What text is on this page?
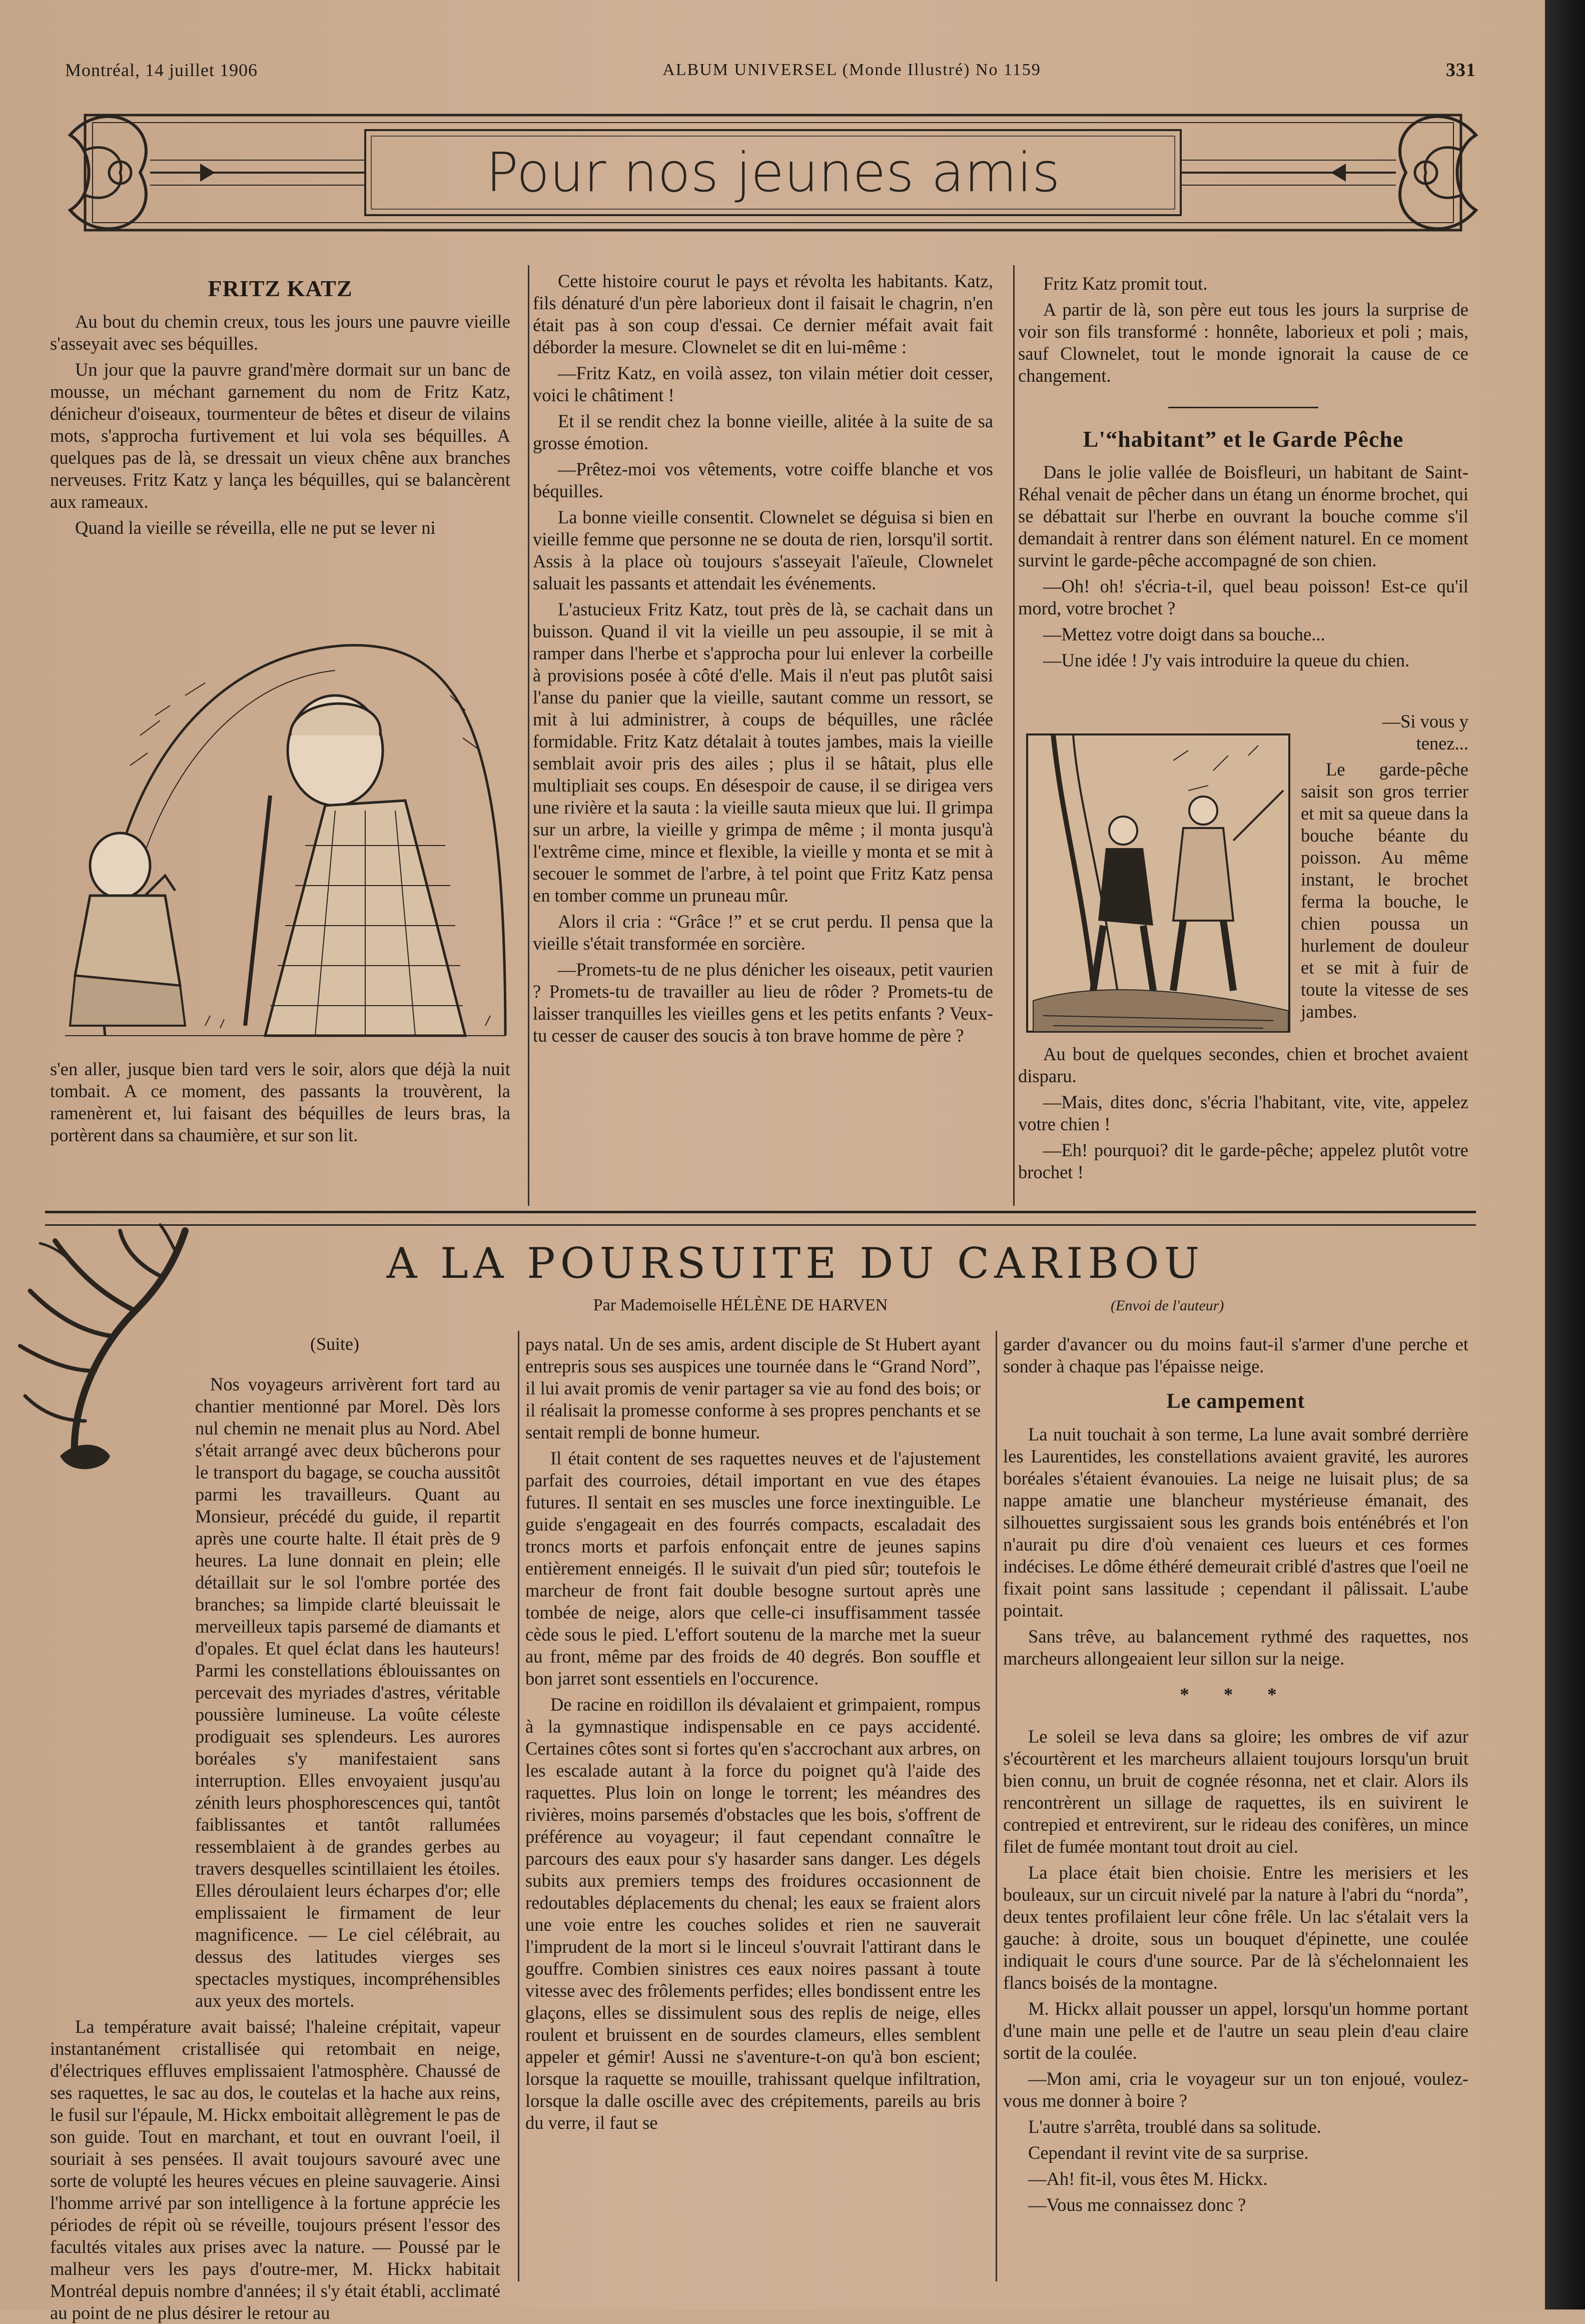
Montréal, 14 juillet 1906	ALBUM UNIVERSEL (Monde Illustré) No 1159	331
Pour nos jeunes amis
FRITZ KATZ

Au bout du chemin creux, tous les jours une pauvre vieille s'asseyait avec ses béquilles.

Un jour que la pauvre grand'mère dormait sur un banc de mousse, un méchant garnement du nom de Fritz Katz, dénicheur d'oiseaux, tourmenteur de bêtes et diseur de vilains mots, s'approcha furtivement et lui vola ses béquilles. A quelques pas de là, se dressait un vieux chêne aux branches nerveuses. Fritz Katz y lança les béquilles, qui se balancèrent aux rameaux.

Quand la vieille se réveilla, elle ne put se lever ni

s'en aller, jusque bien tard vers le soir, alors que déjà la nuit tombait. A ce moment, des passants la trouvèrent, la ramenèrent et, lui faisant des béquilles de leurs bras, la portèrent dans sa chaumière, et sur son lit.

Cette histoire courut le pays et révolta les habitants. Katz, fils dénaturé d'un père laborieux dont il faisait le chagrin, n'en était pas à son coup d'essai. Ce dernier méfait avait fait déborder la mesure. Clownelet se dit en lui-même :

—Fritz Katz, en voilà assez, ton vilain métier doit cesser, voici le châtiment !

Et il se rendit chez la bonne vieille, alitée à la suite de sa grosse émotion.

—Prêtez-moi vos vêtements, votre coiffe blanche et vos béquilles.

La bonne vieille consentit. Clownelet se déguisa si bien en vieille femme que personne ne se douta de rien, lorsqu'il sortit. Assis à la place où toujours s'asseyait l'aïeule, Clownelet saluait les passants et attendait les événements.

L'astucieux Fritz Katz, tout près de là, se cachait dans un buisson. Quand il vit la vieille un peu assoupie, il se mit à ramper dans l'herbe et s'approcha pour lui enlever la corbeille à provisions posée à côté d'elle. Mais il n'eut pas plutôt saisi l'anse du panier que la vieille, sautant comme un ressort, se mit à lui administrer, à coups de béquilles, une râclée formidable. Fritz Katz détalait à toutes jambes, mais la vieille semblait avoir pris des ailes ; plus il se hâtait, plus elle multipliait ses coups. En désespoir de cause, il se dirigea vers une rivière et la sauta : la vieille sauta mieux que lui. Il grimpa sur un arbre, la vieille y grimpa de même ; il monta jusqu'à l'extrême cime, mince et flexible, la vieille y monta et se mit à secouer le sommet de l'arbre, à tel point que Fritz Katz pensa en tomber comme un pruneau mûr.

Alors il cria : “Grâce !” et se crut perdu. Il pensa que la vieille s'était transformée en sorcière.

—Promets-tu de ne plus dénicher les oiseaux, petit vaurien ? Promets-tu de travailler au lieu de rôder ? Promets-tu de laisser tranquilles les vieilles gens et les petits enfants ? Veux-tu cesser de causer des soucis à ton brave homme de père ?

Fritz Katz promit tout.

A partir de là, son père eut tous les jours la surprise de voir son fils transformé : honnête, laborieux et poli ; mais, sauf Clownelet, tout le monde ignorait la cause de ce changement.

L'“habitant” et le Garde Pêche

Dans le jolie vallée de Boisfleuri, un habitant de Saint-Réhal venait de pêcher dans un étang un énorme brochet, qui se débattait sur l'herbe en ouvrant la bouche comme s'il demandait à rentrer dans son élément naturel. En ce moment survint le garde-pêche accompagné de son chien.

—Oh! oh! s'écria-t-il, quel beau poisson! Est-ce qu'il mord, votre brochet ?

—Mettez votre doigt dans sa bouche...

—Une idée ! J'y vais introduire la queue du chien.

—Si vous y tenez...

Le garde-pêche saisit son gros terrier et mit sa queue dans la bouche béante du poisson. Au même instant, le brochet ferma la bouche, le chien poussa un hurlement de douleur et se mit à fuir de toute la vitesse de ses jambes.

Au bout de quelques secondes, chien et brochet avaient disparu.

—Mais, dites donc, s'écria l'habitant, vite, vite, appelez votre chien !

—Eh! pourquoi? dit le garde-pêche; appelez plutôt votre brochet !

A LA POURSUITE DU CARIBOU
Par Mademoiselle HÉLÈNE DE HARVEN	(Envoi de l'auteur)
(Suite)

Nos voyageurs arrivèrent fort tard au chantier mentionné par Morel. Dès lors nul chemin ne menait plus au Nord. Abel s'était arrangé avec deux bûcherons pour le transport du bagage, se coucha aussitôt parmi les travailleurs. Quant au Monsieur, précédé du guide, il repartit après une courte halte. Il était près de 9 heures. La lune donnait en plein; elle détaillait sur le sol l'ombre portée des branches; sa limpide clarté bleuissait le merveilleux tapis parsemé de diamants et d'opales. Et quel éclat dans les hauteurs! Parmi les constellations éblouissantes on percevait des myriades d'astres, véritable poussière lumineuse. La voûte céleste prodiguait ses splendeurs. Les aurores boréales s'y manifestaient sans interruption. Elles envoyaient jusqu'au zénith leurs phosphorescences qui, tantôt faiblissantes et tantôt rallumées ressemblaient à de grandes gerbes au travers desquelles scintillaient les étoiles. Elles déroulaient leurs écharpes d'or; elle emplissaient le firmament de leur magnificence. — Le ciel célébrait, au dessus des latitudes vierges ses spectacles mystiques, incompréhensibles aux yeux des mortels.

La température avait baissé; l'haleine crépitait, vapeur instantanément cristallisée qui retombait en neige, d'électriques effluves emplissaient l'atmosphère. Chaussé de ses raquettes, le sac au dos, le coutelas et la hache aux reins, le fusil sur l'épaule, M. Hickx emboitait allègrement le pas de son guide. Tout en marchant, et tout en ouvrant l'oeil, il souriait à ses pensées. Il avait toujours savouré avec une sorte de volupté les heures vécues en pleine sauvagerie. Ainsi l'homme arrivé par son intelligence à la fortune apprécie les périodes de répit où se réveille, toujours présent l'essor des facultés vitales aux prises avec la nature. — Poussé par le malheur vers les pays d'outre-mer, M. Hickx habitait Montréal depuis nombre d'années; il s'y était établi, acclimaté au point de ne plus désirer le retour au

pays natal. Un de ses amis, ardent disciple de St Hubert ayant entrepris sous ses auspices une tournée dans le “Grand Nord”, il lui avait promis de venir partager sa vie au fond des bois; or il réalisait la promesse conforme à ses propres penchants et se sentait rempli de bonne humeur.

Il était content de ses raquettes neuves et de l'ajustement parfait des courroies, détail important en vue des étapes futures. Il sentait en ses muscles une force inextinguible. Le guide s'engageait en des fourrés compacts, escaladait des troncs morts et parfois enfonçait entre de jeunes sapins entièrement enneigés. Il le suivait d'un pied sûr; toutefois le marcheur de front fait double besogne surtout après une tombée de neige, alors que celle-ci insuffisamment tassée cède sous le pied. L'effort soutenu de la marche met la sueur au front, même par des froids de 40 degrés. Bon souffle et bon jarret sont essentiels en l'occurence.

De racine en roidillon ils dévalaient et grimpaient, rompus à la gymnastique indispensable en ce pays accidenté. Certaines côtes sont si fortes qu'en s'accrochant aux arbres, on les escalade autant à la force du poignet qu'à l'aide des raquettes. Plus loin on longe le torrent; les méandres des rivières, moins parsemés d'obstacles que les bois, s'offrent de préférence au voyageur; il faut cependant connaître le parcours des eaux pour s'y hasarder sans danger. Les dégels subits aux premiers temps des froidures occasionnent de redoutables déplacements du chenal; les eaux se fraient alors une voie entre les couches solides et rien ne sauverait l'imprudent de la mort si le linceul s'ouvrait l'attirant dans le gouffre. Combien sinistres ces eaux noires passant à toute vitesse avec des frôlements perfides; elles bondissent entre les glaçons, elles se dissimulent sous des replis de neige, elles roulent et bruissent en de sourdes clameurs, elles semblent appeler et gémir! Aussi ne s'aventure-t-on qu'à bon escient; lorsque la raquette se mouille, trahissant quelque infiltration, lorsque la dalle oscille avec des crépitements, pareils au bris du verre, il faut se

garder d'avancer ou du moins faut-il s'armer d'une perche et sonder à chaque pas l'épaisse neige.

Le campement

La nuit touchait à son terme, La lune avait sombré derrière les Laurentides, les constellations avaient gravité, les aurores boréales s'étaient évanouies. La neige ne luisait plus; de sa nappe amatie une blancheur mystérieuse émanait, des silhouettes surgissaient sous les grands bois enténébrés et l'on n'aurait pu dire d'où venaient ces lueurs et ces formes indécises. Le dôme éthéré demeurait criblé d'astres que l'oeil ne fixait point sans lassitude ; cependant il pâlissait. L'aube pointait.

Sans trêve, au balancement rythmé des raquettes, nos marcheurs allongeaient leur sillon sur la neige.

* * *

Le soleil se leva dans sa gloire; les ombres de vif azur s'écourtèrent et les marcheurs allaient toujours lorsqu'un bruit bien connu, un bruit de cognée résonna, net et clair. Alors ils rencontrèrent un sillage de raquettes, ils en suivirent le contrepied et entrevirent, sur le rideau des conifères, un mince filet de fumée montant tout droit au ciel.

La place était bien choisie. Entre les merisiers et les bouleaux, sur un circuit nivelé par la nature à l'abri du “norda”, deux tentes profilaient leur cône frêle. Un lac s'étalait vers la gauche: à droite, sous un bouquet d'épinette, une coulée indiquait le cours d'une source. Par de là s'échelonnaient les flancs boisés de la montagne.

M. Hickx allait pousser un appel, lorsqu'un homme portant d'une main une pelle et de l'autre un seau plein d'eau claire sortit de la coulée.

—Mon ami, cria le voyageur sur un ton enjoué, voulez-vous me donner à boire ?

L'autre s'arrêta, troublé dans sa solitude.

Cependant il revint vite de sa surprise.

—Ah! fit-il, vous êtes M. Hickx.

—Vous me connaissez donc ?
